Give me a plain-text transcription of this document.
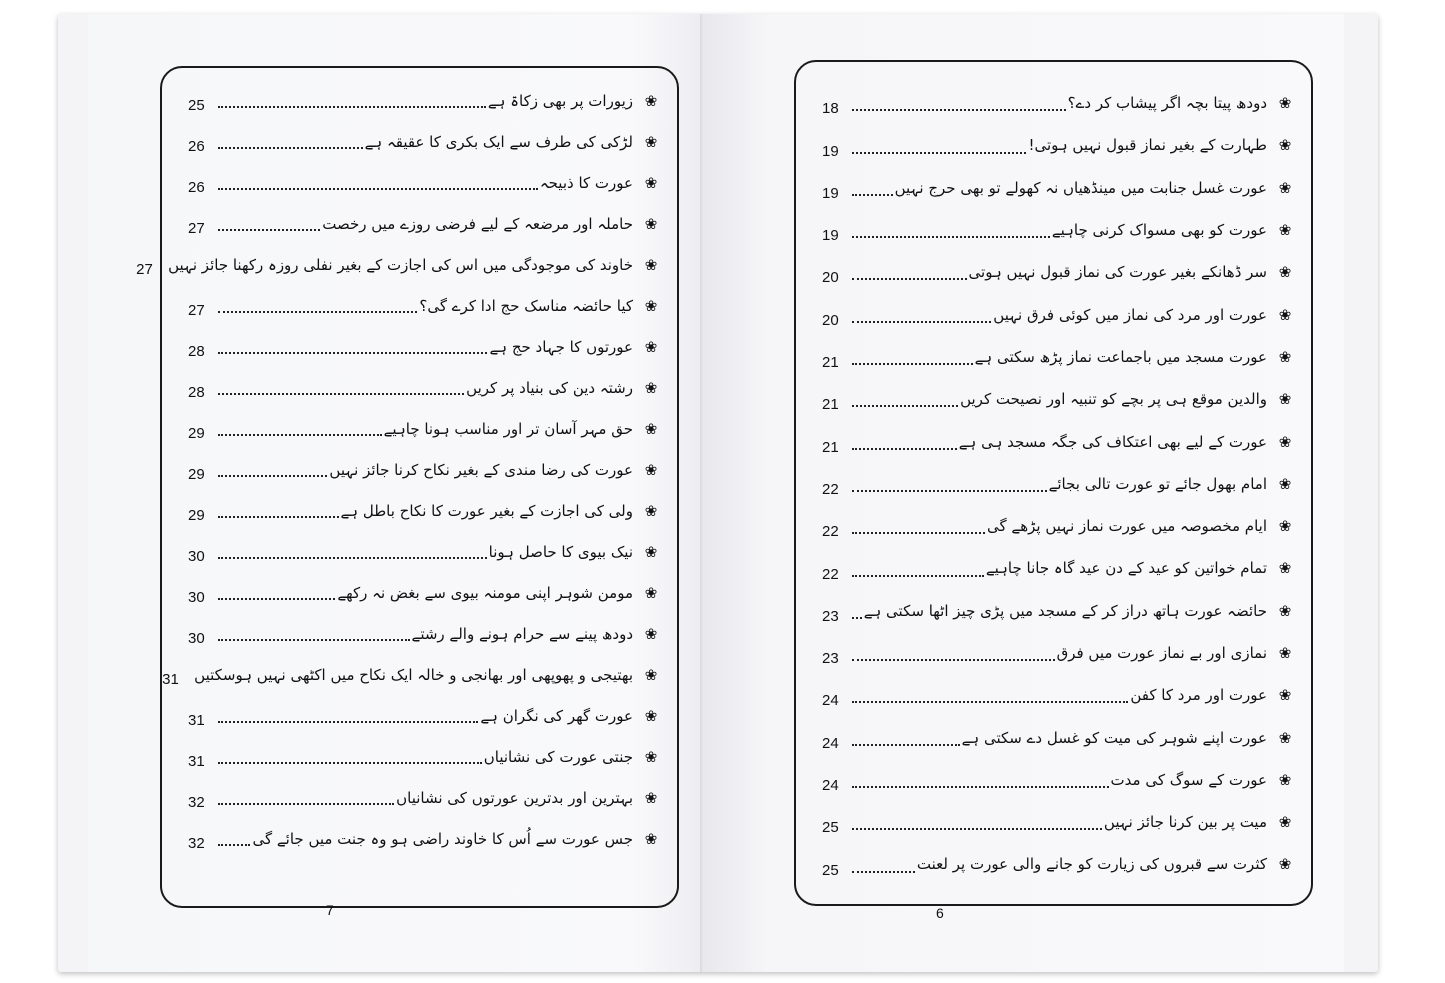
❀
زیورات پر بھی زکاۃ ہے
25
❀
لڑکی کی طرف سے ایک بکری کا عقیقہ ہے
26
❀
عورت کا ذبیحہ
26
❀
حاملہ اور مرضعہ کے لیے فرضی روزے میں رخصت
27
❀
خاوند کی موجودگی میں اس کی اجازت کے بغیر نفلی روزہ رکھنا جائز نہیں
27
❀
کیا حائضہ مناسک حج ادا کرے گی؟
27
❀
عورتوں کا جہاد حج ہے
28
❀
رشتہ دین کی بنیاد پر کریں
28
❀
حق مہر آسان تر اور مناسب ہونا چاہیے
29
❀
عورت کی رضا مندی کے بغیر نکاح کرنا جائز نہیں
29
❀
ولی کی اجازت کے بغیر عورت کا نکاح باطل ہے
29
❀
نیک بیوی کا حاصل ہونا
30
❀
مومن شوہر اپنی مومنہ بیوی سے بغض نہ رکھے
30
❀
دودھ پینے سے حرام ہونے والے رشتے
30
❀
بھتیجی و پھوپھی اور بھانجی و خالہ ایک نکاح میں اکٹھی نہیں ہوسکتیں
31
❀
عورت گھر کی نگران ہے
31
❀
جنتی عورت کی نشانیاں
31
❀
بہترین اور بدترین عورتوں کی نشانیاں
32
❀
جس عورت سے اُس کا خاوند راضی ہو وہ جنت میں جائے گی
32
❀
دودھ پیتا بچہ اگر پیشاب کر دے؟
18
❀
طہارت کے بغیر نماز قبول نہیں ہوتی!
19
❀
عورت غسل جنابت میں مینڈھیاں نہ کھولے تو بھی حرج نہیں
19
❀
عورت کو بھی مسواک کرنی چاہیے
19
❀
سر ڈھانکے بغیر عورت کی نماز قبول نہیں ہوتی
20
❀
عورت اور مرد کی نماز میں کوئی فرق نہیں
20
❀
عورت مسجد میں باجماعت نماز پڑھ سکتی ہے
21
❀
والدین موقع ہی پر بچے کو تنبیہ اور نصیحت کریں
21
❀
عورت کے لیے بھی اعتکاف کی جگہ مسجد ہی ہے
21
❀
امام بھول جائے تو عورت تالی بجائے
22
❀
ایام مخصوصہ میں عورت نماز نہیں پڑھے گی
22
❀
تمام خواتین کو عید کے دن عید گاہ جانا چاہیے
22
❀
حائضہ عورت ہاتھ دراز کر کے مسجد میں پڑی چیز اٹھا سکتی ہے
23
❀
نمازی اور بے نماز عورت میں فرق
23
❀
عورت اور مرد کا کفن
24
❀
عورت اپنے شوہر کی میت کو غسل دے سکتی ہے
24
❀
عورت کے سوگ کی مدت
24
❀
میت پر بین کرنا جائز نہیں
25
❀
کثرت سے قبروں کی زیارت کو جانے والی عورت پر لعنت
25
7	6
